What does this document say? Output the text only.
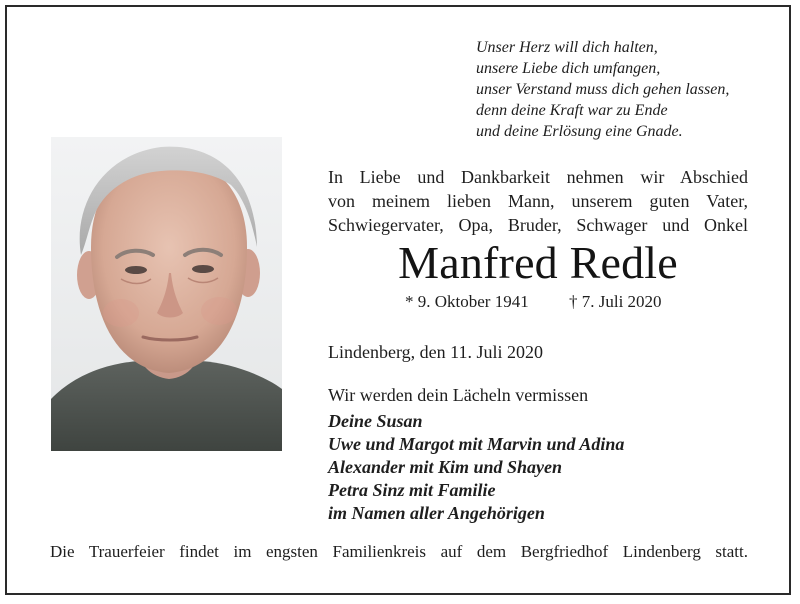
Unser Herz will dich halten,
unsere Liebe dich umfangen,
unser Verstand muss dich gehen lassen,
denn deine Kraft war zu Ende
und deine Erlösung eine Gnade.
In Liebe und Dankbarkeit nehmen wir Abschied
von meinem lieben Mann, unserem guten Vater,
Schwiegervater, Opa, Bruder, Schwager und Onkel
Manfred Redle
* 9. Oktober 1941 † 7. Juli 2020
Lindenberg, den 11. Juli 2020
Wir werden dein Lächeln vermissen
Deine Susan
Uwe und Margot mit Marvin und Adina
Alexander mit Kim und Shayen
Petra Sinz mit Familie
im Namen aller Angehörigen
Die Trauerfeier findet im engsten Familienkreis auf dem Bergfriedhof Lindenberg statt.
